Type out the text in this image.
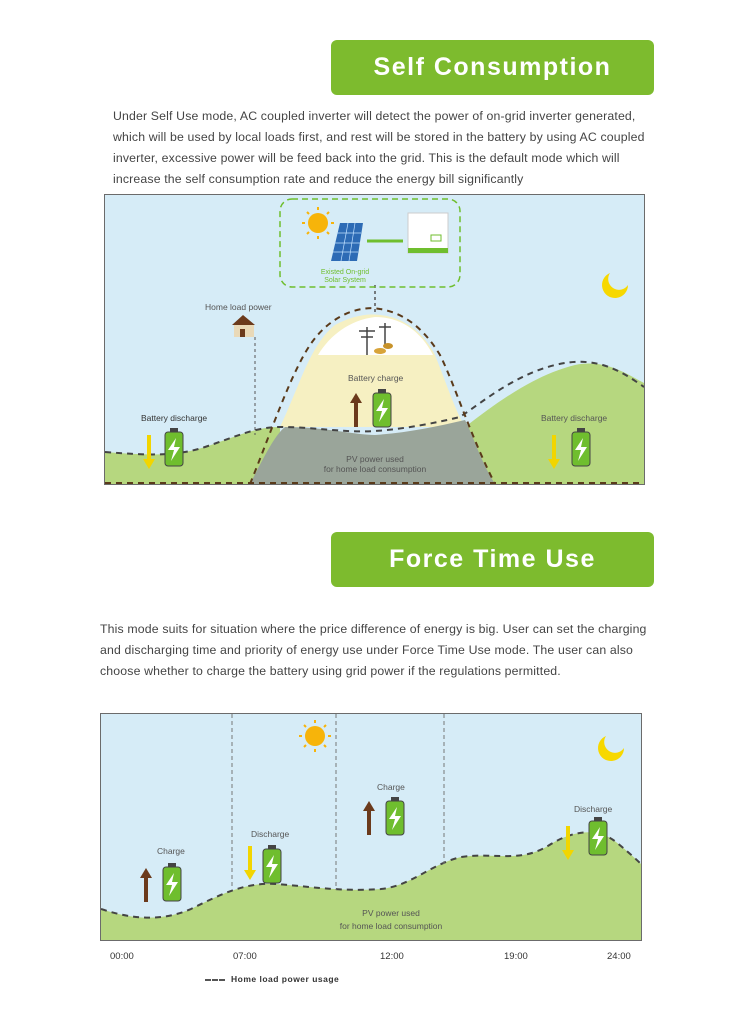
Self Consumption
Under Self Use mode, AC coupled inverter will detect the power of on-grid inverter generated,
which will be used by local loads first, and rest will be stored in the battery by using AC coupled
inverter, excessive power will be feed back into the grid. This is the default mode which will
increase the self consumption rate and reduce the energy bill significantly
Existed On-grid
Solar System
Home load power
Battery charge
Battery discharge	Battery discharge
PV power used
for home load consumption
Force Time Use
This mode suits for situation where the price difference of energy is big. User can set the charging
and discharging time and priority of energy use under Force Time Use mode. The user can also
choose whether to charge the battery using grid power if the regulations permitted.
Charge
Discharge
Charge
Discharge
PV power used
for home load consumption
00:00	07:00	12:00	19:00	24:00
Home load power usage
